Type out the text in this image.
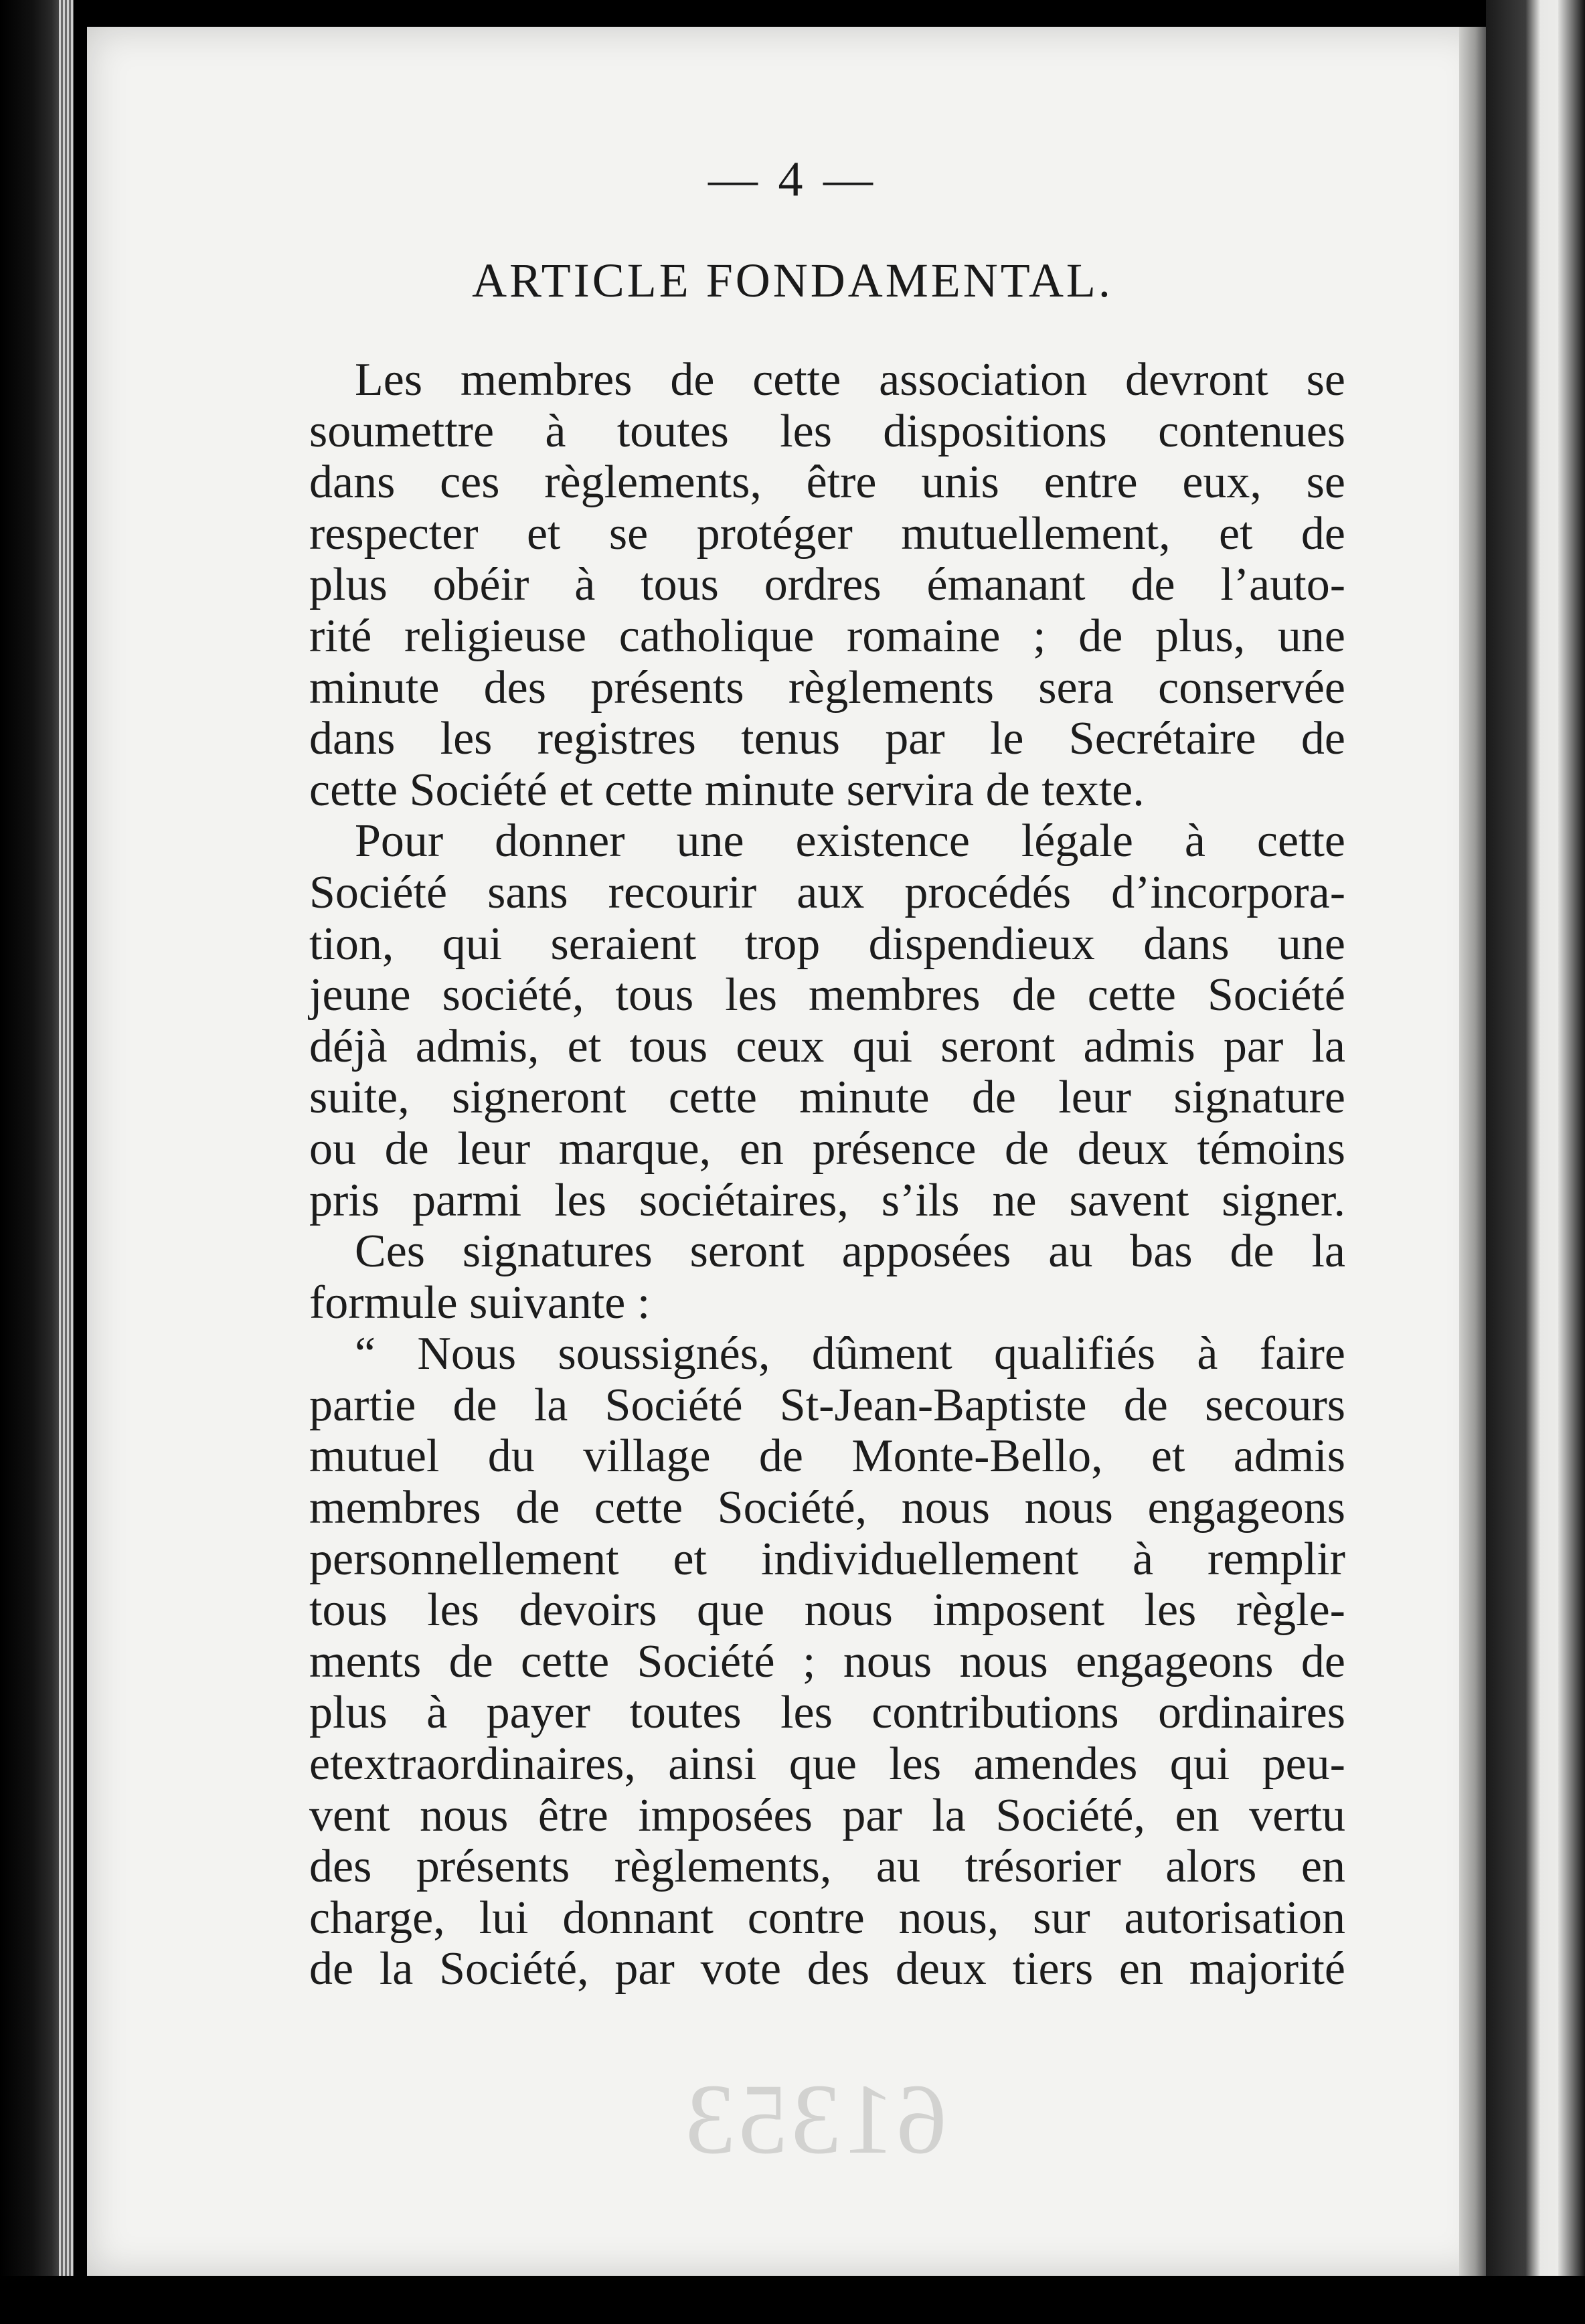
— 4 —
ARTICLE FONDAMENTAL.
Les membres de cette association devront se
soumettre à toutes les dispositions contenues
dans ces règlements, être unis entre eux, se
respecter et se protéger mutuellement, et de
plus obéir à tous ordres émanant de l’auto-
rité religieuse catholique romaine ; de plus, une
minute des présents règlements sera conservée
dans les registres tenus par le Secrétaire de
cette Société et cette minute servira de texte.
Pour donner une existence légale à cette
Société sans recourir aux procédés d’incorpora-
tion, qui seraient trop dispendieux dans une
jeune société, tous les membres de cette Société
déjà admis, et tous ceux qui seront admis par la
suite, signeront cette minute de leur signature
ou de leur marque, en présence de deux témoins
pris parmi les sociétaires, s’ils ne savent signer.
Ces signatures seront apposées au bas de la
formule suivante :
“ Nous soussignés, dûment qualifiés à faire
partie de la Société St-Jean-Baptiste de secours
mutuel du village de Monte-Bello, et admis
membres de cette Société, nous nous engageons
personnellement et individuellement à remplir
tous les devoirs que nous imposent les règle-
ments de cette Société ; nous nous engageons de
plus à payer toutes les contributions ordinaires
etextraordinaires, ainsi que les amendes qui peu-
vent nous être imposées par la Société, en vertu
des présents règlements, au trésorier alors en
charge, lui donnant contre nous, sur autorisation
de la Société, par vote des deux tiers en majorité
61353
